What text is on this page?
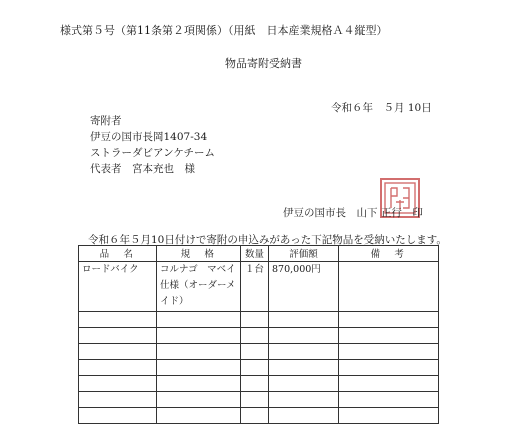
様式第５号（第11条第２項関係）（用紙　日本産業規格Ａ４縦型）
物品寄附受納書
令和６年　５月 10日
寄附者
伊豆の国市長岡1407-34
ストラーダビアンケチーム
代表者　宮本充也　様
伊豆の国市長　山下 正行　印
令和６年５月10日付けで寄附の申込みがあった下記物品を受納いたします。
品　名	規　格	数量	評価額	備　考
ロードバイク	コルナゴ　マベイ仕様（オーダーメイド）	１台	870,000円	
